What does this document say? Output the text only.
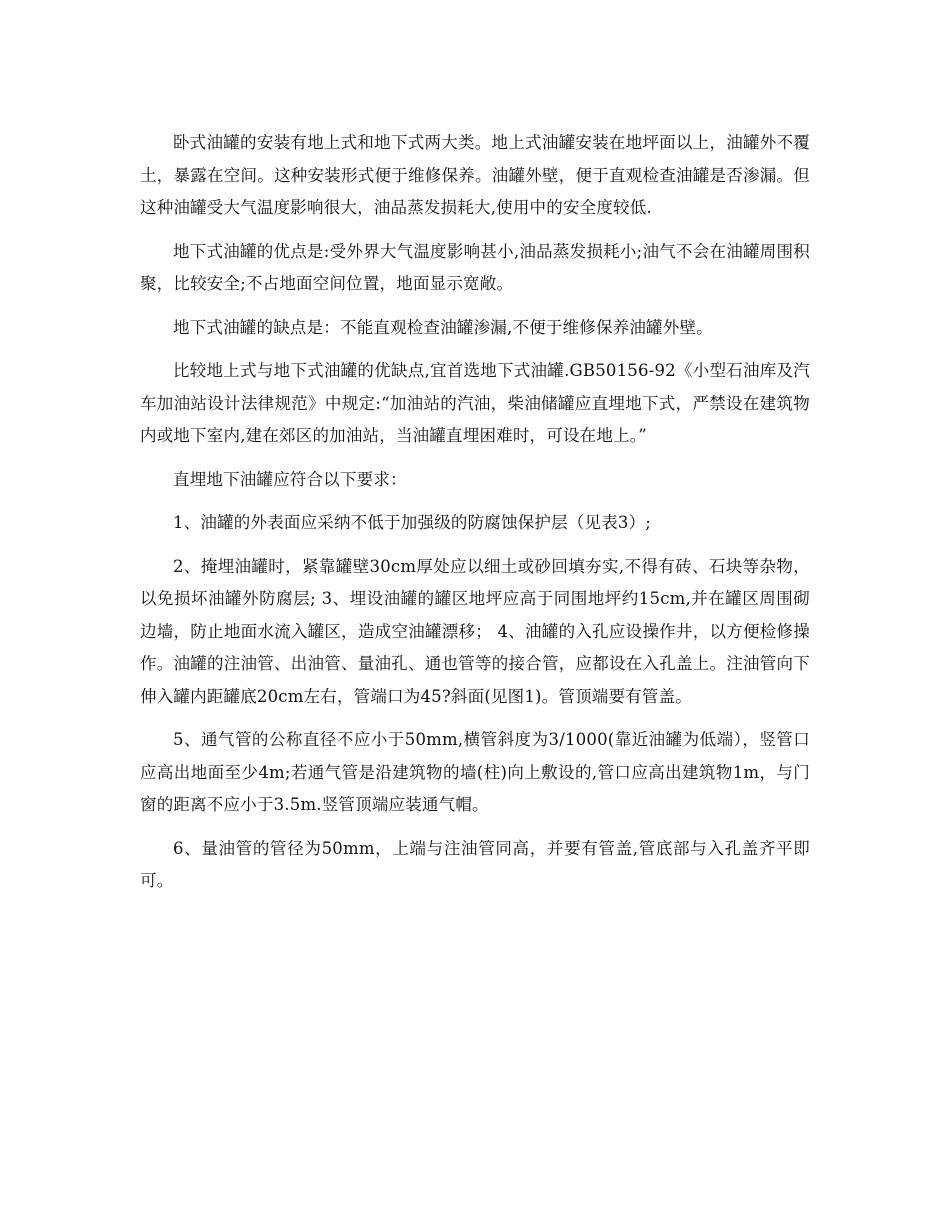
卧式油罐的安装有地上式和地下式两大类。地上式油罐安装在地坪面以上，油罐外不覆土，暴露在空间。这种安装形式便于维修保养。油罐外壁，便于直观检查油罐是否渗漏。但这种油罐受大气温度影响很大，油品蒸发损耗大,使用中的安全度较低.

地下式油罐的优点是:受外界大气温度影响甚小,油品蒸发损耗小;油气不会在油罐周围积聚，比较安全;不占地面空间位置，地面显示宽敞。

地下式油罐的缺点是：不能直观检查油罐渗漏,不便于维修保养油罐外壁。

比较地上式与地下式油罐的优缺点,宜首选地下式油罐.GB50156-92《小型石油库及汽车加油站设计法律规范》中规定:“加油站的汽油，柴油储罐应直埋地下式，严禁设在建筑物内或地下室内,建在郊区的加油站，当油罐直埋困难时，可设在地上。”

直埋地下油罐应符合以下要求：

1、油罐的外表面应采纳不低于加强级的防腐蚀保护层（见表3）;

2、掩埋油罐时，紧靠罐壁30cm厚处应以细土或砂回填夯实,不得有砖、石块等杂物，以免损坏油罐外防腐层; 3、埋设油罐的罐区地坪应高于同围地坪约15cm,并在罐区周围砌边墙，防止地面水流入罐区，造成空油罐漂移； 4、油罐的入孔应设操作井，以方便检修操作。油罐的注油管、出油管、量油孔、通也管等的接合管，应都设在入孔盖上。注油管向下伸入罐内距罐底20cm左右，管端口为45?斜面(见图1)。管顶端要有管盖。

5、通气管的公称直径不应小于50mm,横管斜度为3/1000(靠近油罐为低端），竖管口应高出地面至少4m;若通气管是沿建筑物的墙(柱)向上敷设的,管口应高出建筑物1m，与门窗的距离不应小于3.5m.竖管顶端应装通气帽。

6、量油管的管径为50mm，上端与注油管同高，并要有管盖,管底部与入孔盖齐平即可。
